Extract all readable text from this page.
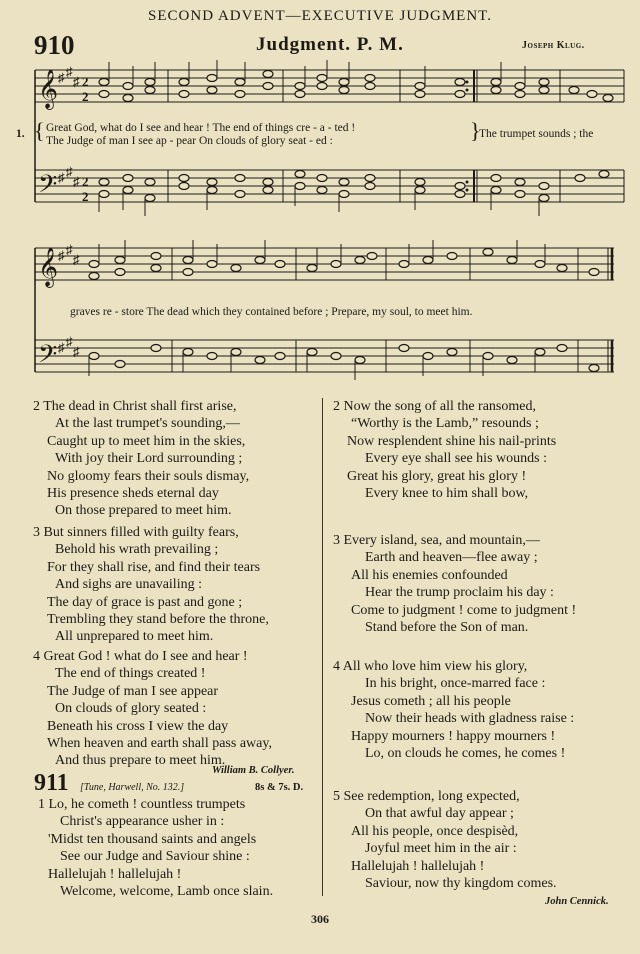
SECOND ADVENT—EXECUTIVE JUDGMENT.
910	Judgment. P. M.	Joseph Klug.
𝄞
𝄢
♯ ♯
♯
♯ ♯
♯
2
2
2
2
1. { Great God, what do I see and hear ! The end of things cre - a - ted !
The Judge of man I see ap - pear On clouds of glory seat - ed :	}
The trumpet sounds ; the
𝄞
𝄢
♯ ♯
♯
♯ ♯
♯
graves re - store The dead which they contained before ; Prepare, my soul, to meet him.
2 The dead in Christ shall first arise,
At the last trumpet's sounding,—
Caught up to meet him in the skies,
With joy their Lord surrounding ;
No gloomy fears their souls dismay,
His presence sheds eternal day
On those prepared to meet him.
3 But sinners filled with guilty fears,
Behold his wrath prevailing ;
For they shall rise, and find their tears
And sighs are unavailing :
The day of grace is past and gone ;
Trembling they stand before the throne,
All unprepared to meet him.
4 Great God ! what do I see and hear !
The end of things created !
The Judge of man I see appear
On clouds of glory seated :
Beneath his cross I view the day
When heaven and earth shall pass away,
And thus prepare to meet him.
William B. Collyer.
911 [Tune, Harwell, No. 132.]	8s & 7s. D.
1 Lo, he cometh ! countless trumpets
Christ's appearance usher in :
'Midst ten thousand saints and angels
See our Judge and Saviour shine :
Hallelujah ! hallelujah !
Welcome, welcome, Lamb once slain.
2 Now the song of all the ransomed,
“Worthy is the Lamb,” resounds ;
Now resplendent shine his nail-prints
Every eye shall see his wounds :
Great his glory, great his glory !
Every knee to him shall bow,
3 Every island, sea, and mountain,—
Earth and heaven—flee away ;
All his enemies confounded
Hear the trump proclaim his day :
Come to judgment ! come to judgment !
Stand before the Son of man.
4 All who love him view his glory,
In his bright, once-marred face :
Jesus cometh ; all his people
Now their heads with gladness raise :
Happy mourners ! happy mourners !
Lo, on clouds he comes, he comes !
5 See redemption, long expected,
On that awful day appear ;
All his people, once despisèd,
Joyful meet him in the air :
Hallelujah ! hallelujah !
Saviour, now thy kingdom comes.
John Cennick.
306
